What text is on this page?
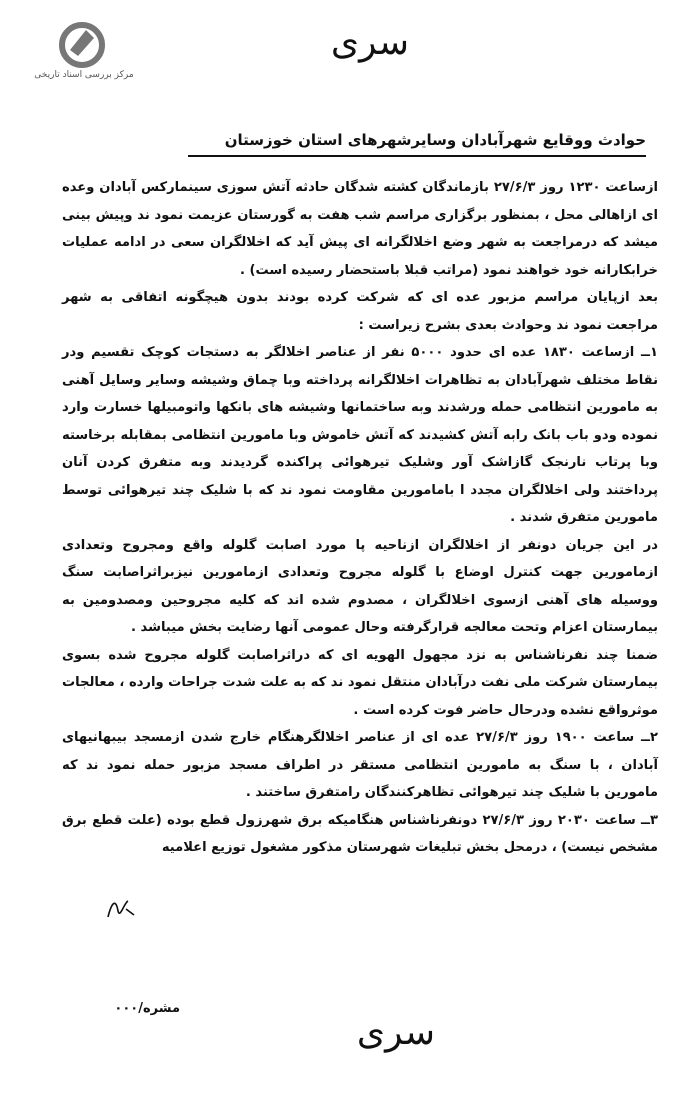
مرکز بررسی اسناد تاریخی
سری
حوادث ووقایع شهرآبادان وسایرشهرهای استان خوزستان

ازساعت ۱۲۳۰ روز ۲۷/۶/۳ بازماندگان کشته شدگان حادثه آتش سوزی سینمارکس آبادان وعده ای ازاهالی محل ، بمنظور برگزاری مراسم شب هفت به گورستان عزیمت نمود ند وپیش بینی میشد که درمراجعت به شهر وضع اخلالگرانه ای پیش آید که اخلالگران سعی در ادامه عملیات خرابکارانه خود خواهند نمود (مراتب قبلا باستحضار رسیده است) .

بعد ازپایان مراسم مزبور عده ای که شرکت کرده بودند بدون هیچگونه اتفاقی به شهر مراجعت نمود ند وحوادث بعدی بشرح زیراست :

۱ــ ازساعت ۱۸۳۰ عده ای حدود ۵۰۰۰ نفر از عناصر اخلالگر به دستجات کوچک تقسیم ودر نقاط مختلف شهرآبادان به تظاهرات اخلالگرانه پرداخته وبا چماق وشیشه وسایر وسایل آهنی به مامورین انتظامی حمله ورشدند وبه ساختمانها وشیشه های بانکها واتومبیلها خسارت وارد نموده ودو باب بانک رابه آتش کشیدند که آتش خاموش وبا مامورین انتظامی بمقابله برخاسته وبا پرتاب نارنجک گازاشک آور وشلیک تیرهوائی پراکنده گردیدند وبه متفرق کردن آنان پرداختند ولی اخلالگران مجدد ا بامامورین مقاومت نمود ند که با شلیک چند تیرهوائی توسط مامورین متفرق شدند .

در این جریان دونفر از اخلالگران ازناحیه پا مورد اصابت گلوله واقع ومجروح وتعدادی ازمامورین جهت کنترل اوضاع با گلوله مجروح وتعدادی ازمامورین نیزبراثراصابت سنگ ووسیله های آهنی ازسوی اخلالگران ، مصدوم شده اند که کلیه مجروحین ومصدومین به بیمارستان اعزام وتحت معالجه قرارگرفته وحال عمومی آنها رضایت بخش میباشد .

ضمنا چند نفرناشناس به نزد مجهول الهویه ای که دراثراصابت گلوله مجروح شده بسوی بیمارستان شرکت ملی نفت درآبادان منتقل نمود ند که به علت شدت جراحات وارده ، معالجات موثرواقع نشده ودرحال حاضر فوت کرده است .

۲ــ ساعت ۱۹۰۰ روز ۲۷/۶/۳ عده ای از عناصر اخلالگرهنگام خارج شدن ازمسجد بیبهانیهای آبادان ، با سنگ به مامورین انتظامی مستقر در اطراف مسجد مزبور حمله نمود ند که مامورین با شلیک چند تیرهوائی تظاهرکنندگان رامتفرق ساختند .

۳ــ ساعت ۲۰۳۰ روز ۲۷/۶/۳ دونفرناشناس هنگامیکه برق شهرزول قطع بوده (علت قطع برق مشخص نیست) ، درمحل بخش تبلیغات شهرستان مذکور مشغول توزیع اعلامیه

مشره/۰۰۰
سری
